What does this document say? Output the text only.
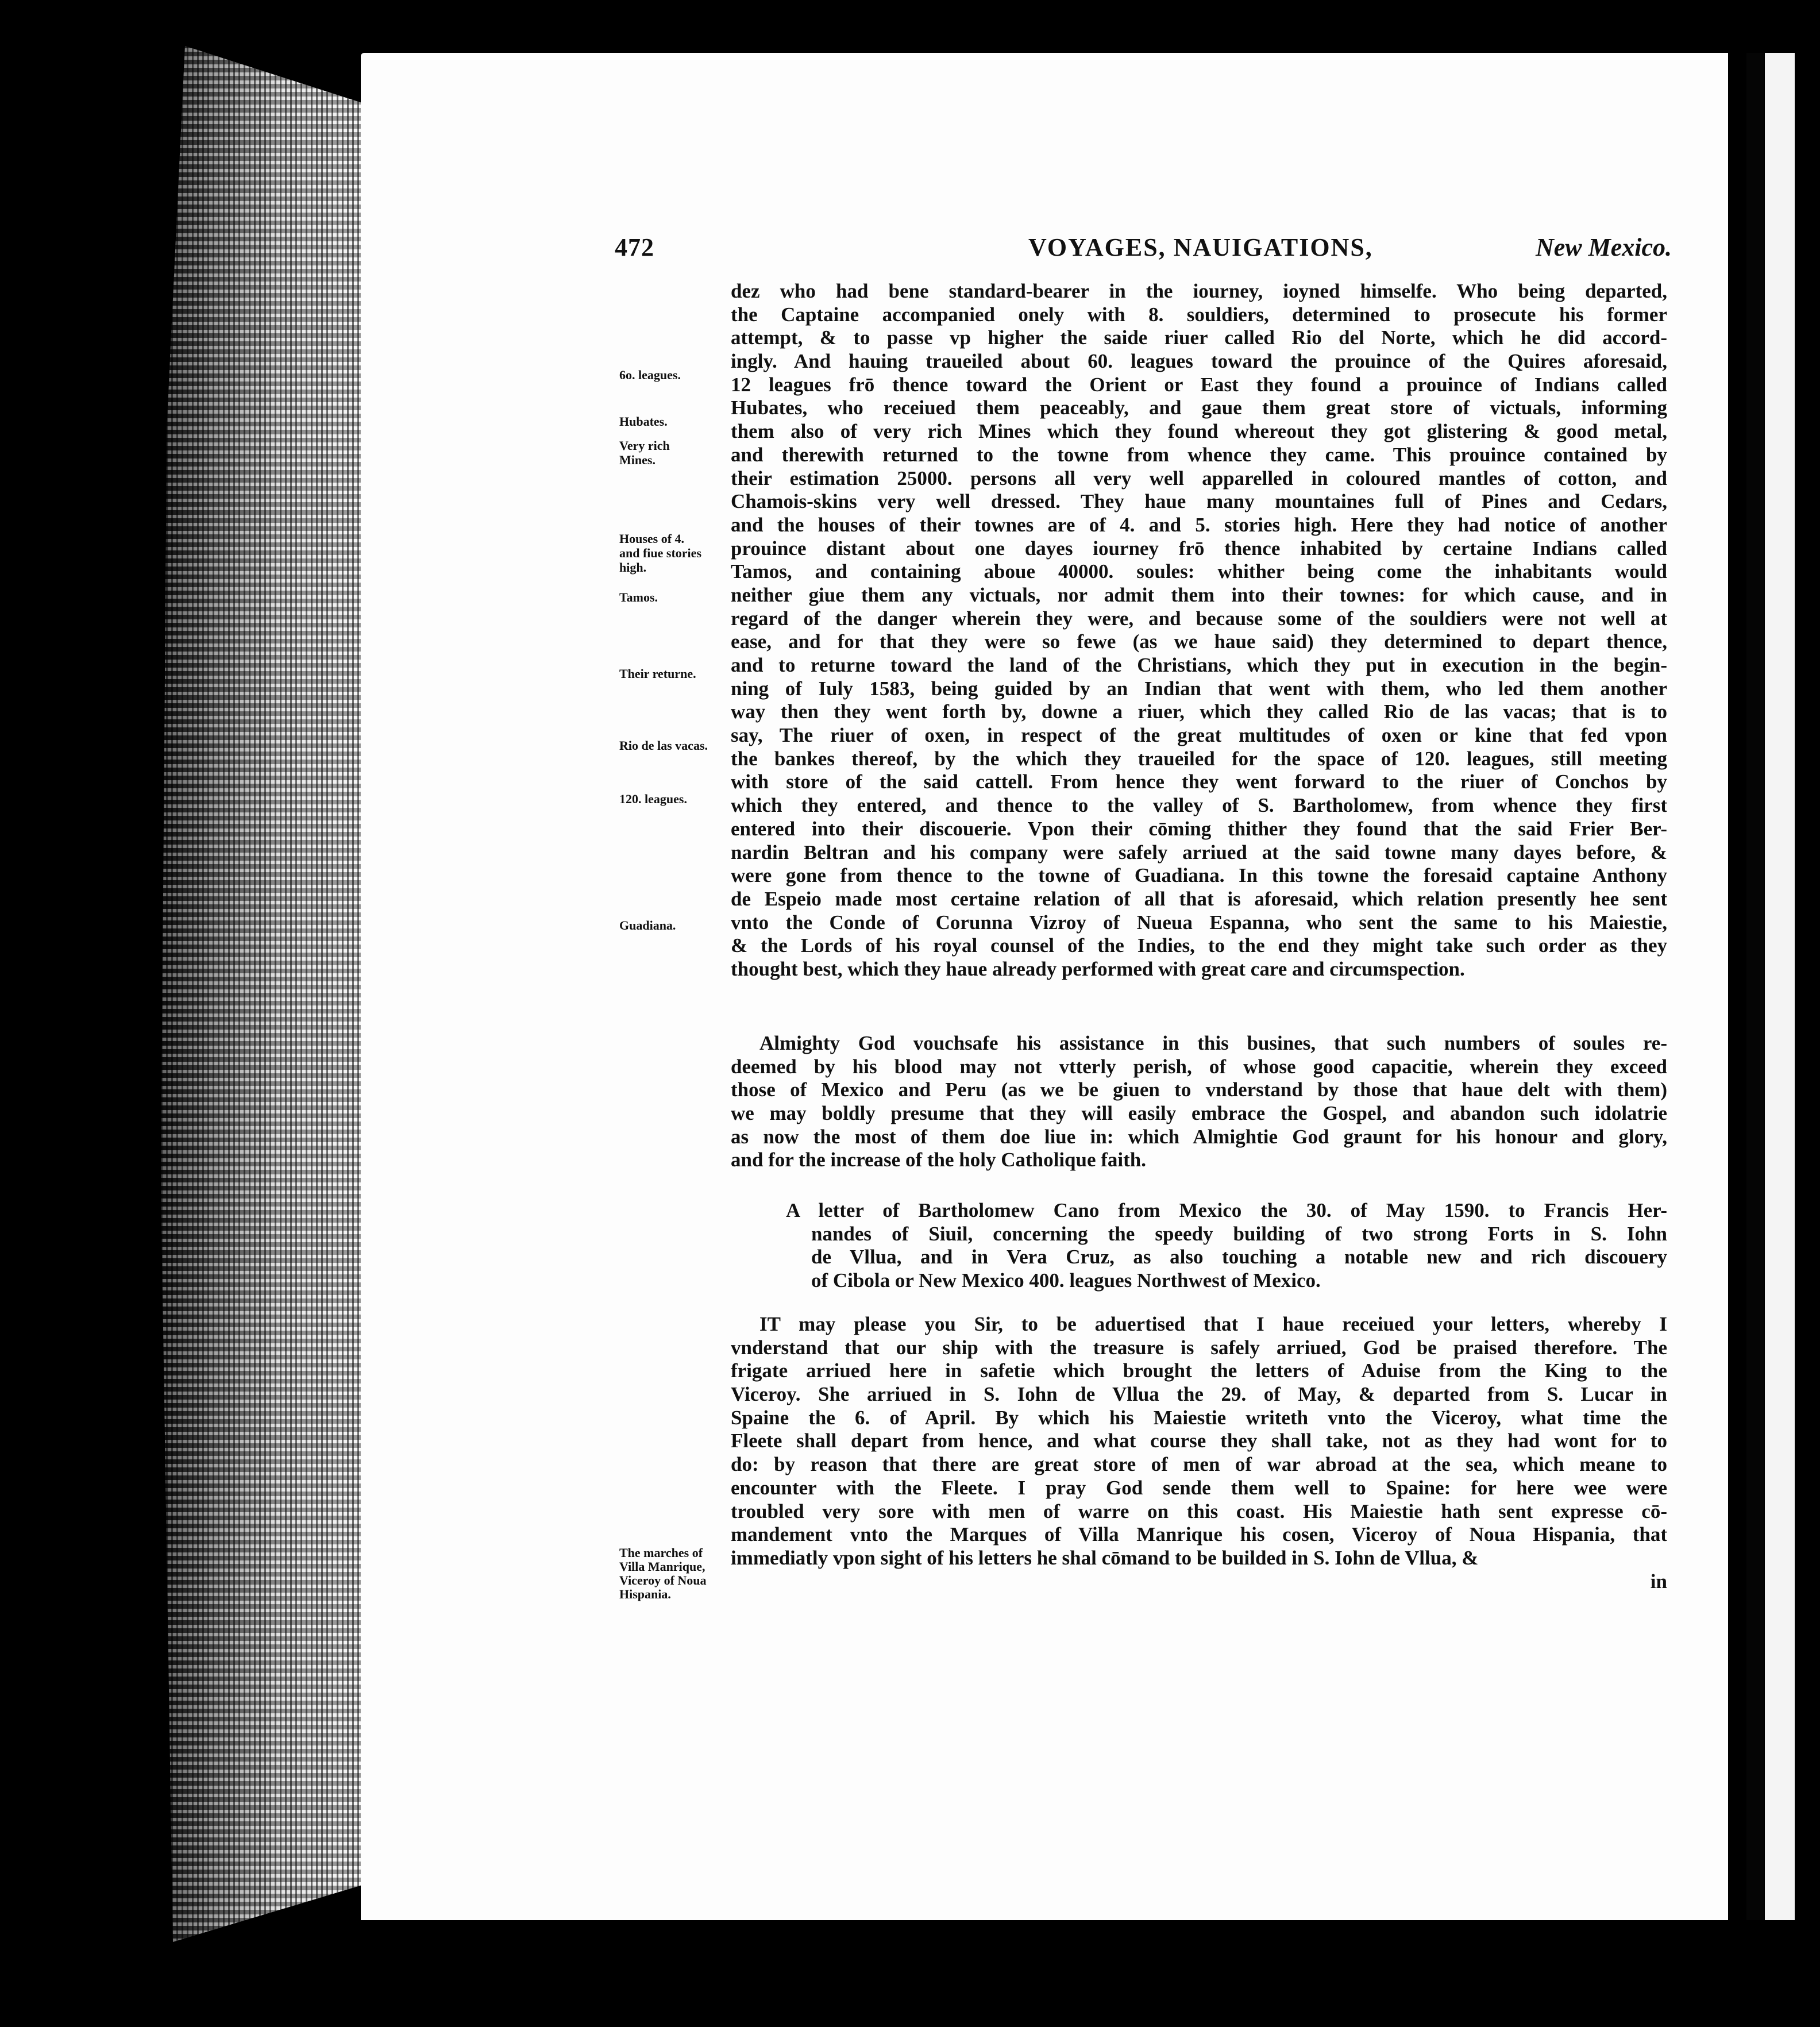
472	VOYAGES, NAUIGATIONS,	New Mexico.
dez who had bene standard-bearer in the iourney, ioyned himselfe. Who being departed,
the Captaine accompanied onely with 8. souldiers, determined to prosecute his former
attempt, & to passe vp higher the saide riuer called Rio del Norte, which he did accord-
ingly. And hauing traueiled about 60. leagues toward the prouince of the Quires aforesaid,
12 leagues frō thence toward the Orient or East they found a prouince of Indians called
Hubates, who receiued them peaceably, and gaue them great store of victuals, informing
them also of very rich Mines which they found whereout they got glistering & good metal,
and therewith returned to the towne from whence they came. This prouince contained by
their estimation 25000. persons all very well apparelled in coloured mantles of cotton, and
Chamois-skins very well dressed. They haue many mountaines full of Pines and Cedars,
and the houses of their townes are of 4. and 5. stories high. Here they had notice of another
prouince distant about one dayes iourney frō thence inhabited by certaine Indians called
Tamos, and containing aboue 40000. soules: whither being come the inhabitants would
neither giue them any victuals, nor admit them into their townes: for which cause, and in
regard of the danger wherein they were, and because some of the souldiers were not well at
ease, and for that they were so fewe (as we haue said) they determined to depart thence,
and to returne toward the land of the Christians, which they put in execution in the begin-
ning of Iuly 1583, being guided by an Indian that went with them, who led them another
way then they went forth by, downe a riuer, which they called Rio de las vacas; that is to
say, The riuer of oxen, in respect of the great multitudes of oxen or kine that fed vpon
the bankes thereof, by the which they traueiled for the space of 120. leagues, still meeting
with store of the said cattell. From hence they went forward to the riuer of Conchos by
which they entered, and thence to the valley of S. Bartholomew, from whence they first
entered into their discouerie. Vpon their cōming thither they found that the said Frier Ber-
nardin Beltran and his company were safely arriued at the said towne many dayes before, &
were gone from thence to the towne of Guadiana. In this towne the foresaid captaine Anthony
de Espeio made most certaine relation of all that is aforesaid, which relation presently hee sent
vnto the Conde of Corunna Vizroy of Nueua Espanna, who sent the same to his Maiestie,
& the Lords of his royal counsel of the Indies, to the end they might take such order as they
thought best, which they haue already performed with great care and circumspection.
Almighty God vouchsafe his assistance in this busines, that such numbers of soules re-
deemed by his blood may not vtterly perish, of whose good capacitie, wherein they exceed
those of Mexico and Peru (as we be giuen to vnderstand by those that haue delt with them)
we may boldly presume that they will easily embrace the Gospel, and abandon such idolatrie
as now the most of them doe liue in: which Almightie God graunt for his honour and glory,
and for the increase of the holy Catholique faith.
A letter of Bartholomew Cano from Mexico the 30. of May 1590. to Francis Her-
nandes of Siuil, concerning the speedy building of two strong Forts in S. Iohn
de Vllua, and in Vera Cruz, as also touching a notable new and rich discouery
of Cibola or New Mexico 400. leagues Northwest of Mexico.
IT may please you Sir, to be aduertised that I haue receiued your letters, whereby I
vnderstand that our ship with the treasure is safely arriued, God be praised therefore. The
frigate arriued here in safetie which brought the letters of Aduise from the King to the
Viceroy. She arriued in S. Iohn de Vllua the 29. of May, & departed from S. Lucar in
Spaine the 6. of April. By which his Maiestie writeth vnto the Viceroy, what time the
Fleete shall depart from hence, and what course they shall take, not as they had wont for to
do: by reason that there are great store of men of war abroad at the sea, which meane to
encounter with the Fleete. I pray God sende them well to Spaine: for here wee were
troubled very sore with men of warre on this coast. His Maiestie hath sent expresse cō-
mandement vnto the Marques of Villa Manrique his cosen, Viceroy of Noua Hispania, that
immediatly vpon sight of his letters he shal cōmand to be builded in S. Iohn de Vllua, &
in
6o. leagues.
Hubates.
Very rich
Mines.
Houses of 4.
and fiue stories
high.
Tamos.
Their returne.
Rio de las vacas.
120. leagues.
Guadiana.
The marches of
Villa Manrique,
Viceroy of Noua
Hispania.
